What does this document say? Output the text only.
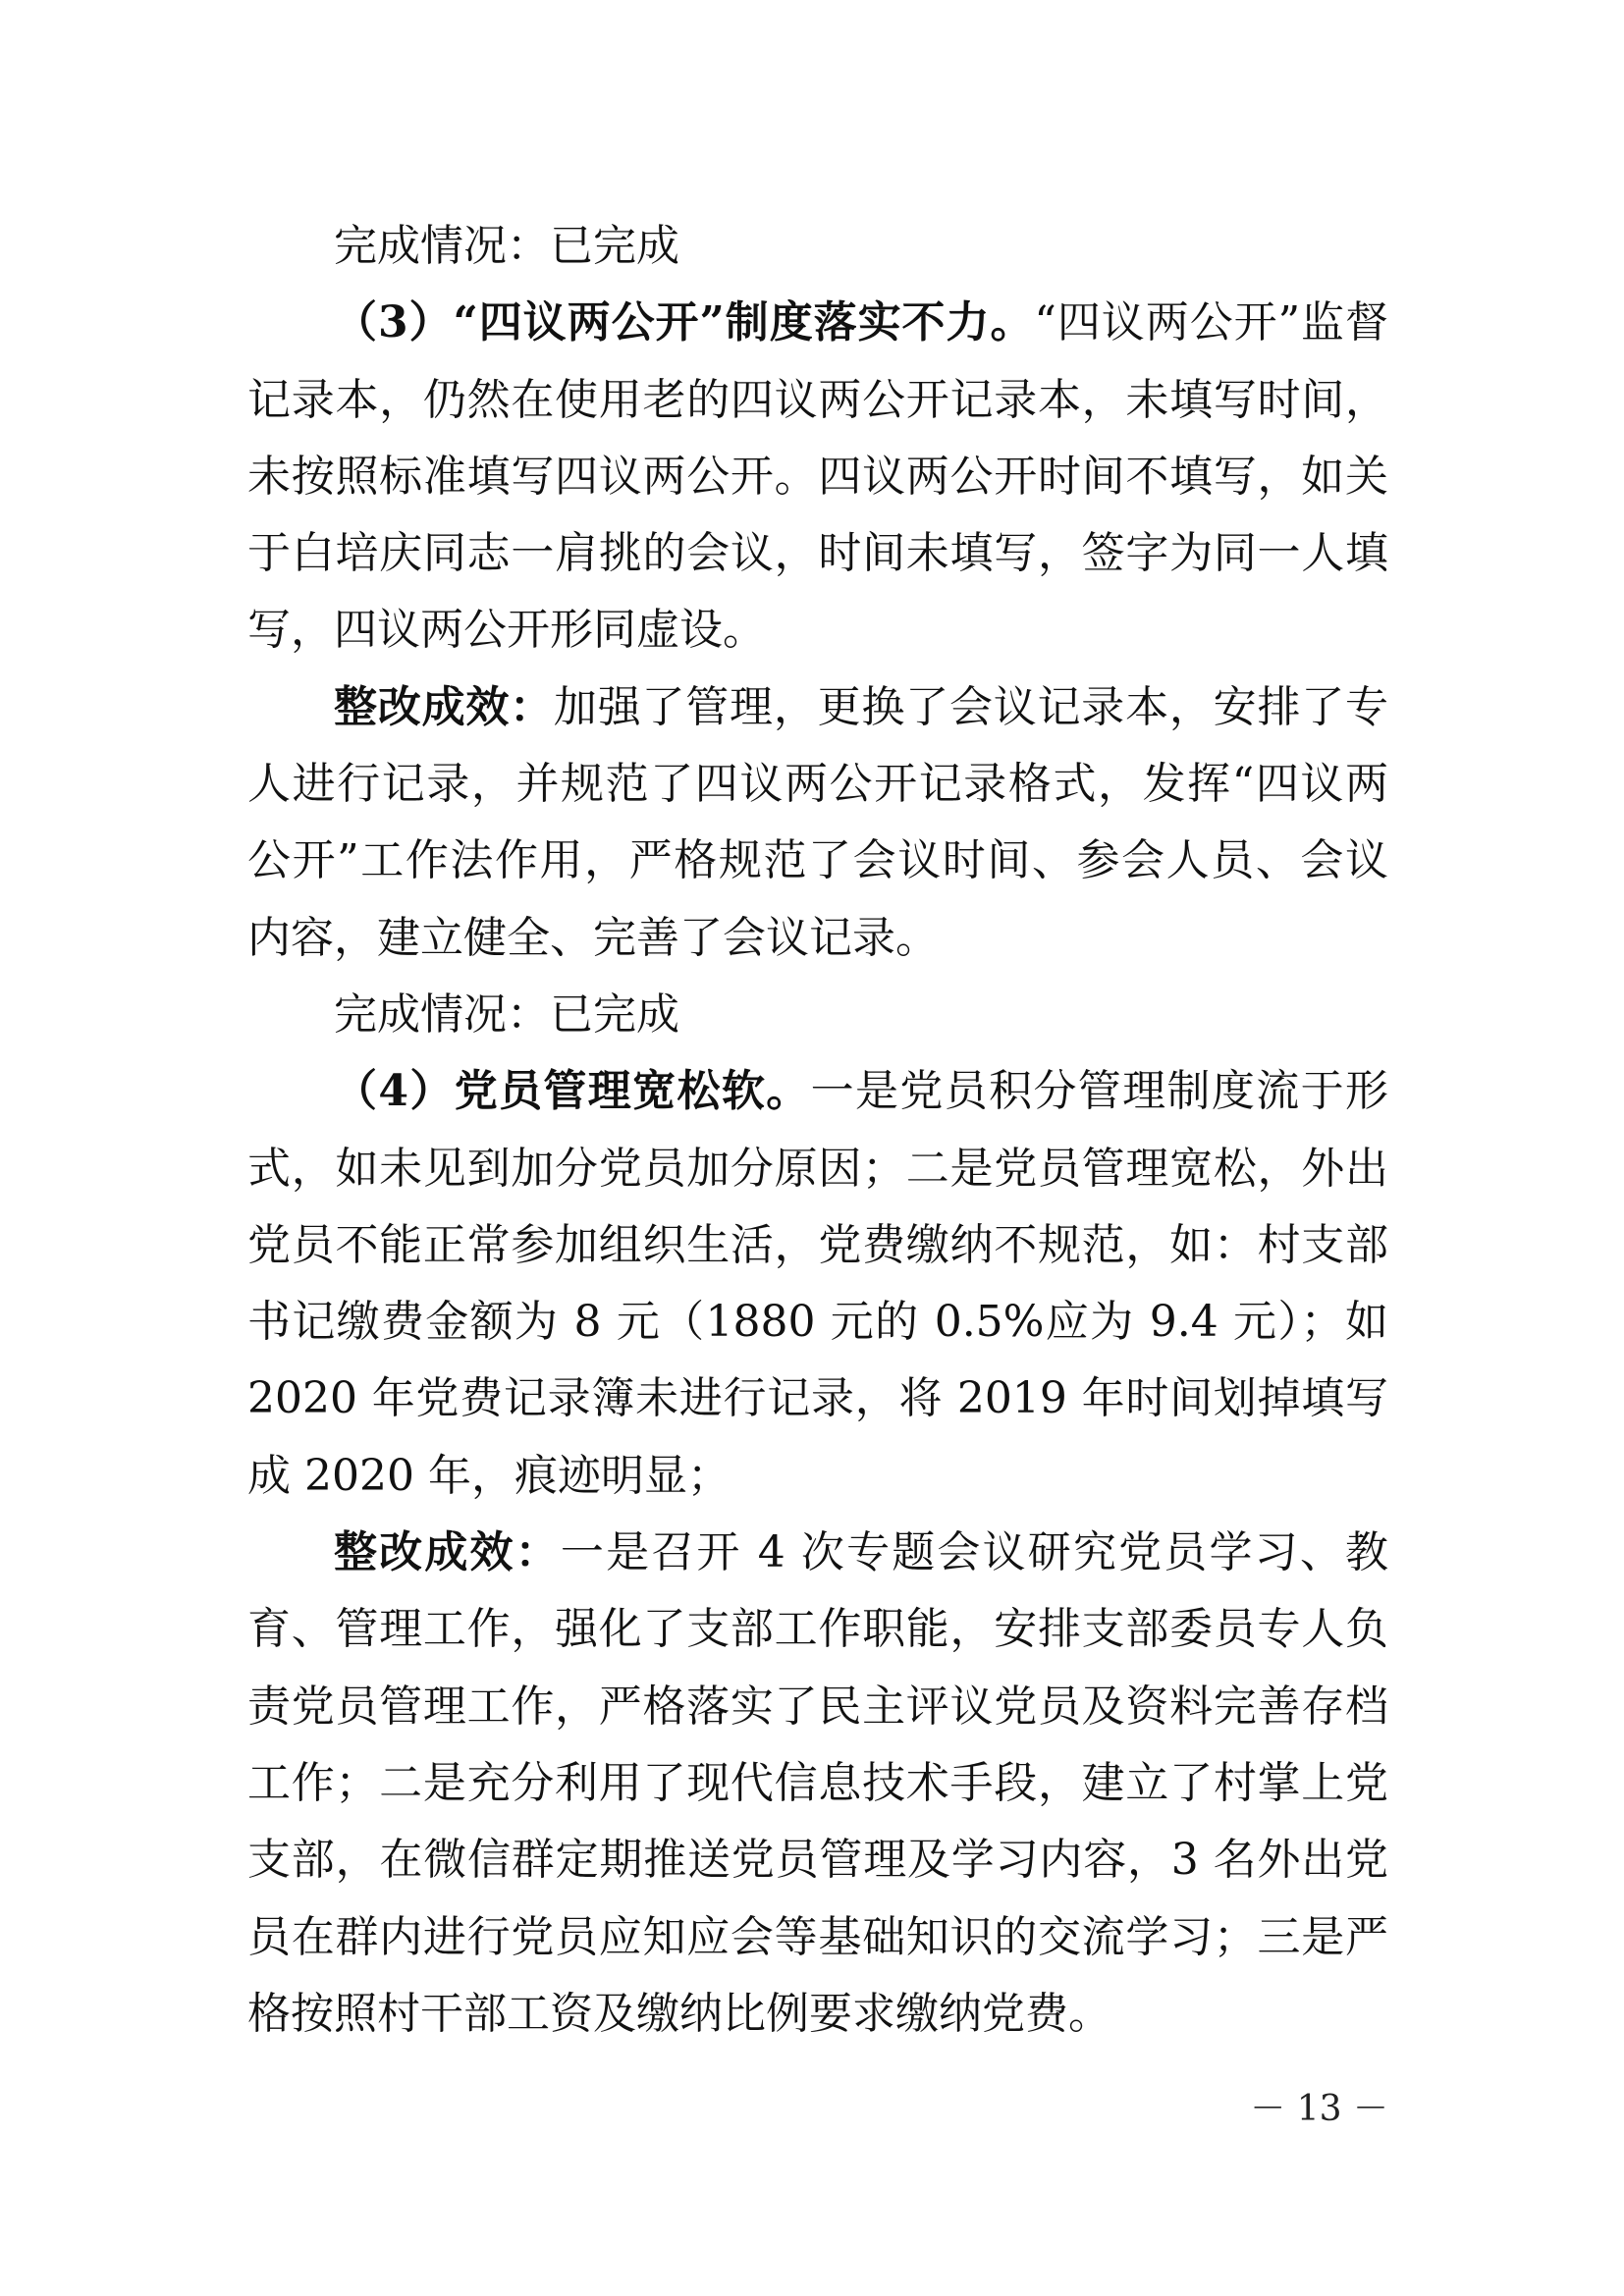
完成情况：已完成

（3）“四议两公开”制度落实不力。“四议两公开”监督记录本，仍然在使用老的四议两公开记录本，未填写时间，未按照标准填写四议两公开。四议两公开时间不填写，如关于白培庆同志一肩挑的会议，时间未填写，签字为同一人填写，四议两公开形同虚设。

整改成效：加强了管理，更换了会议记录本，安排了专人进行记录，并规范了四议两公开记录格式，发挥“四议两公开”工作法作用，严格规范了会议时间、参会人员、会议内容，建立健全、完善了会议记录。

完成情况：已完成

（4）党员管理宽松软。一是党员积分管理制度流于形式，如未见到加分党员加分原因；二是党员管理宽松，外出党员不能正常参加组织生活，党费缴纳不规范，如：村支部书记缴费金额为 8 元（1880 元的 0.5%应为 9.4 元）；如 2020 年党费记录簿未进行记录，将 2019 年时间划掉填写成 2020 年，痕迹明显；

整改成效：一是召开 4 次专题会议研究党员学习、教育、管理工作，强化了支部工作职能，安排支部委员专人负责党员管理工作，严格落实了民主评议党员及资料完善存档工作；二是充分利用了现代信息技术手段，建立了村掌上党支部，在微信群定期推送党员管理及学习内容，3 名外出党员在群内进行党员应知应会等基础知识的交流学习；三是严格按照村干部工资及缴纳比例要求缴纳党费。

－ 13 －
